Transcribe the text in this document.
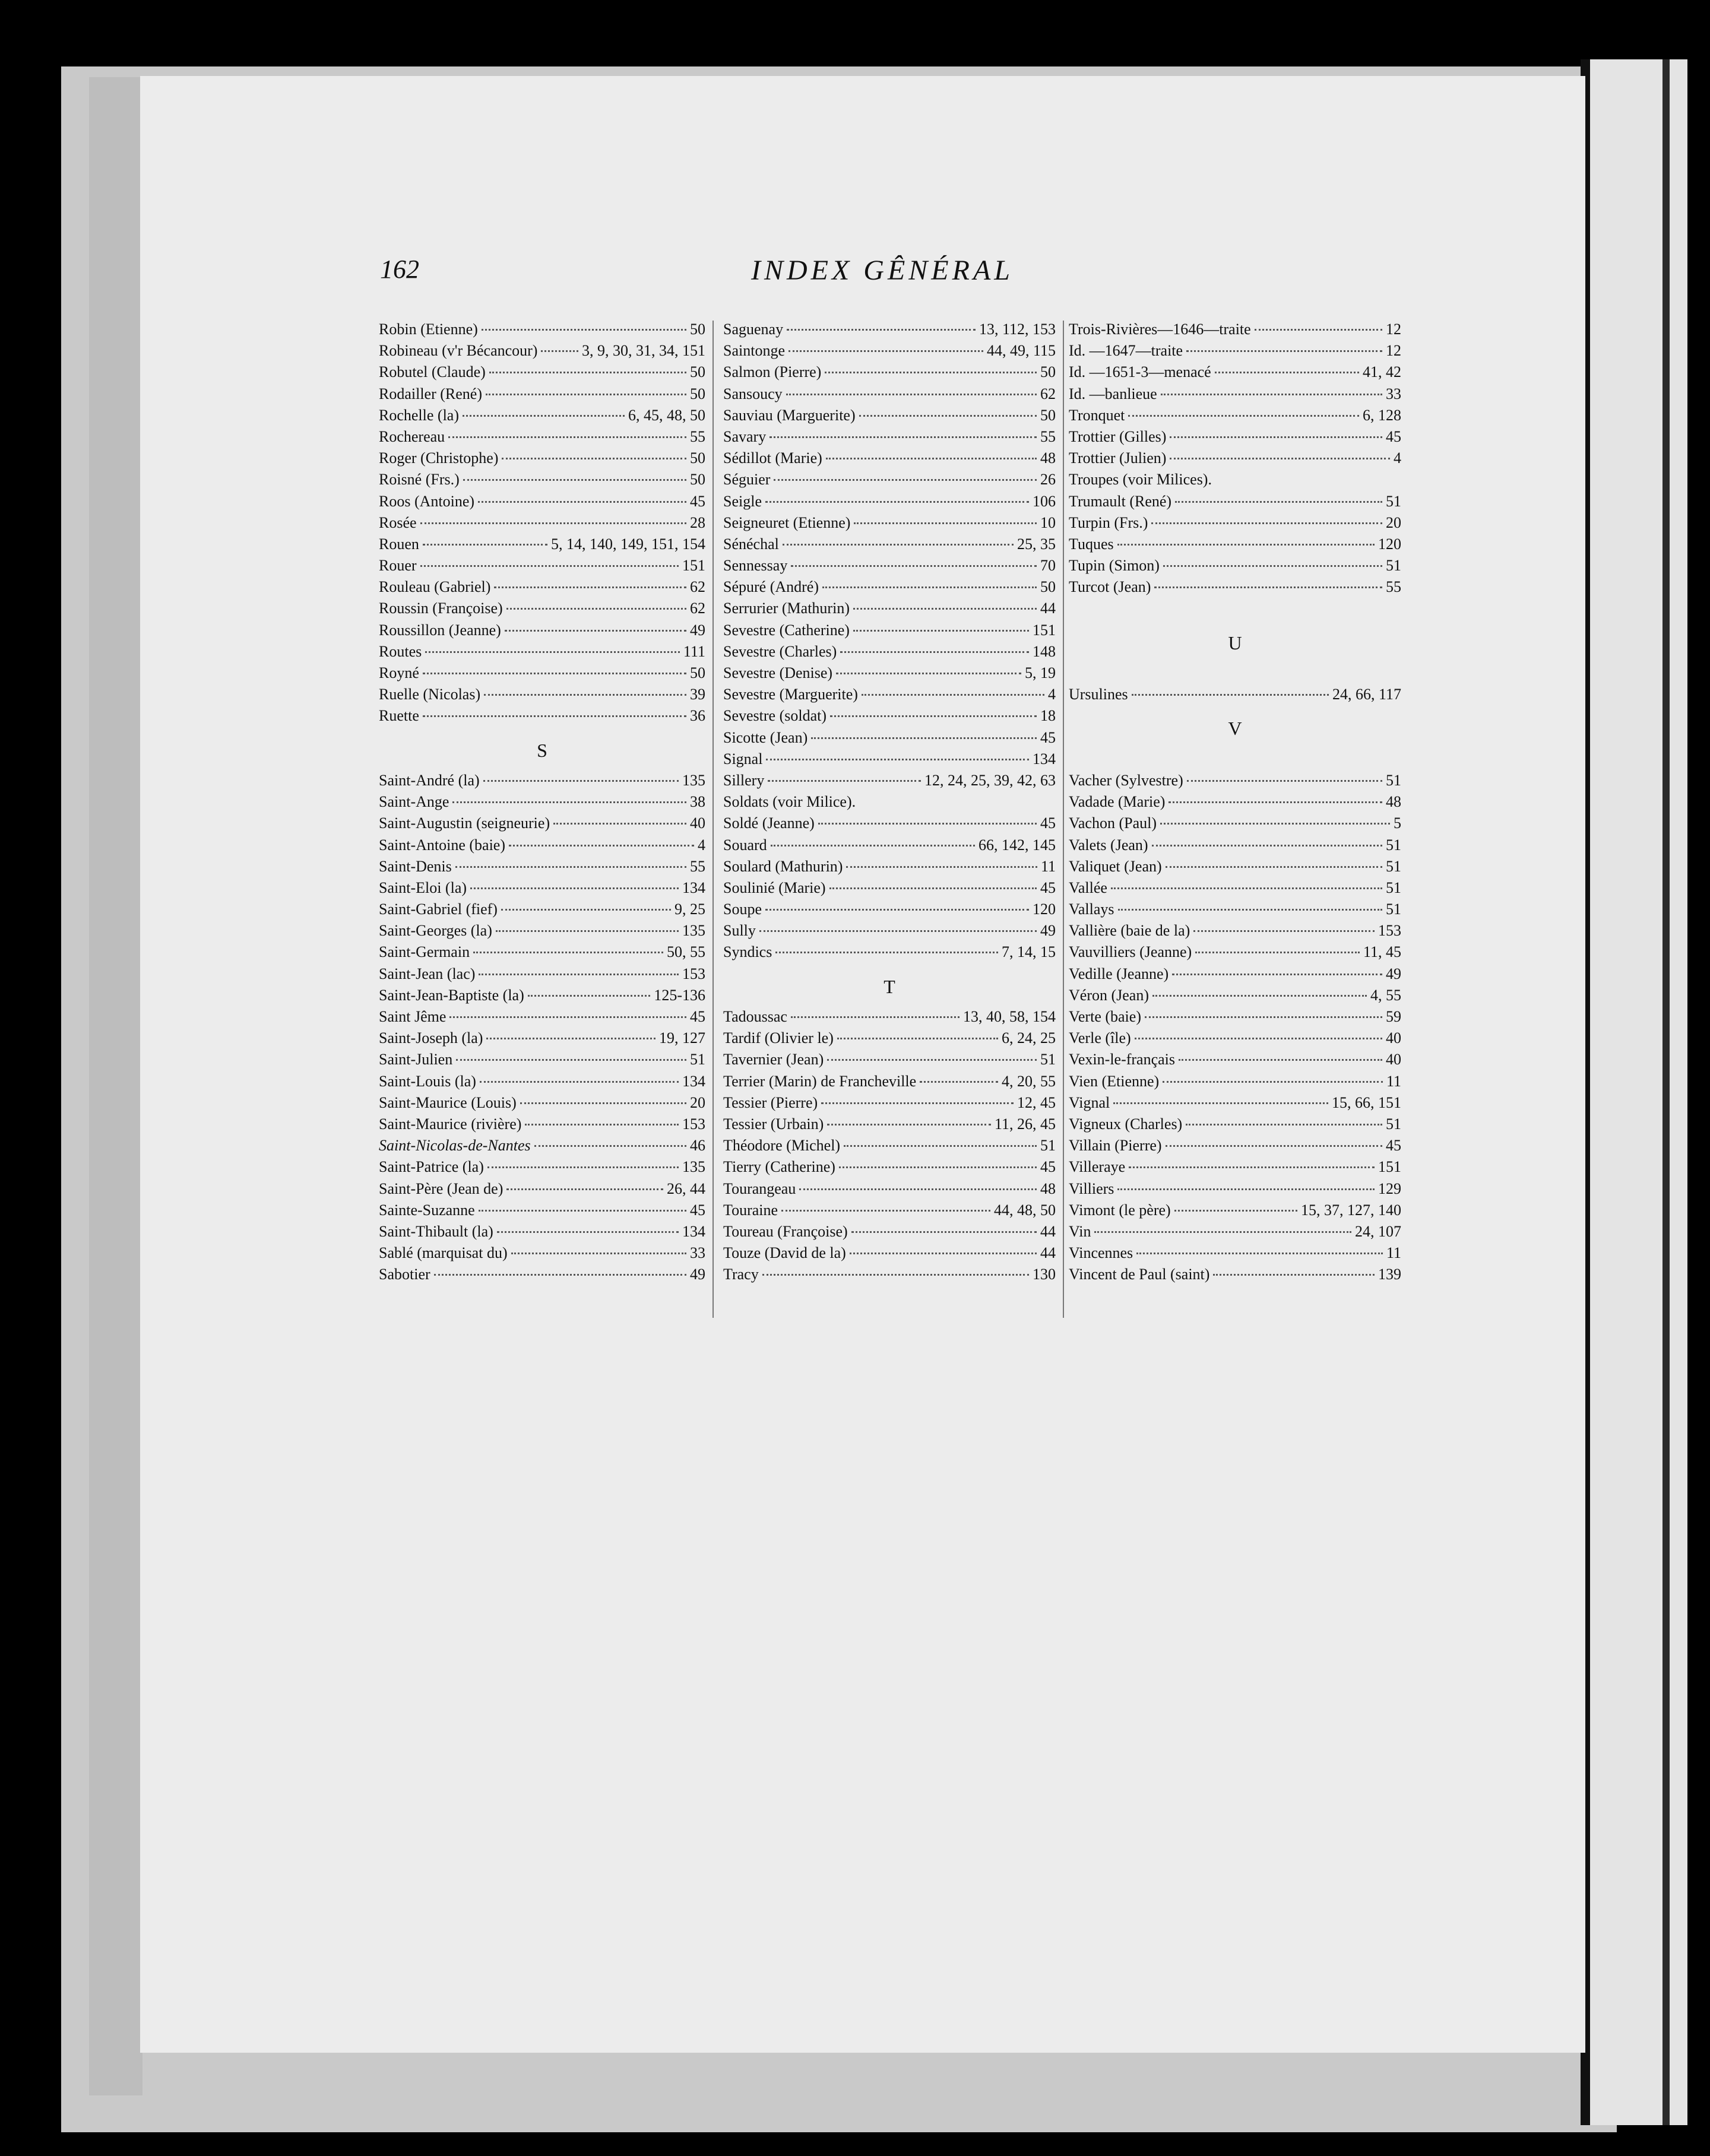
162	INDEX GÊNÉRAL
Robin (Etienne)	50
Robineau (v'r Bécancour)	3, 9, 30, 31, 34, 151
Robutel (Claude)	50
Rodailler (René)	50
Rochelle (la)	6, 45, 48, 50
Rochereau	55
Roger (Christophe)	50
Roisné (Frs.)	50
Roos (Antoine)	45
Rosée	28
Rouen	5, 14, 140, 149, 151, 154
Rouer	151
Rouleau (Gabriel)	62
Roussin (Françoise)	62
Roussillon (Jeanne)	49
Routes	111
Royné	50
Ruelle (Nicolas)	39
Ruette	36
S
Saint-André (la)	135
Saint-Ange	38
Saint-Augustin (seigneurie)	40
Saint-Antoine (baie)	4
Saint-Denis	55
Saint-Eloi (la)	134
Saint-Gabriel (fief)	9, 25
Saint-Georges (la)	135
Saint-Germain	50, 55
Saint-Jean (lac)	153
Saint-Jean-Baptiste (la)	125-136
Saint Jême	45
Saint-Joseph (la)	19, 127
Saint-Julien	51
Saint-Louis (la)	134
Saint-Maurice (Louis)	20
Saint-Maurice (rivière)	153
Saint-Nicolas-de-Nantes	46
Saint-Patrice (la)	135
Saint-Père (Jean de)	26, 44
Sainte-Suzanne	45
Saint-Thibault (la)	134
Sablé (marquisat du)	33
Sabotier	49
Saguenay	13, 112, 153
Saintonge	44, 49, 115
Salmon (Pierre)	50
Sansoucy	62
Sauviau (Marguerite)	50
Savary	55
Sédillot (Marie)	48
Séguier	26
Seigle	106
Seigneuret (Etienne)	10
Sénéchal	25, 35
Sennessay	70
Sépuré (André)	50
Serrurier (Mathurin)	44
Sevestre (Catherine)	151
Sevestre (Charles)	148
Sevestre (Denise)	5, 19
Sevestre (Marguerite)	4
Sevestre (soldat)	18
Sicotte (Jean)	45
Signal	134
Sillery	12, 24, 25, 39, 42, 63
Soldats (voir Milice).
Soldé (Jeanne)	45
Souard	66, 142, 145
Soulard (Mathurin)	11
Soulinié (Marie)	45
Soupe	120
Sully	49
Syndics	7, 14, 15
T
Tadoussac	13, 40, 58, 154
Tardif (Olivier le)	6, 24, 25
Tavernier (Jean)	51
Terrier (Marin) de Francheville	4, 20, 55
Tessier (Pierre)	12, 45
Tessier (Urbain)	11, 26, 45
Théodore (Michel)	51
Tierry (Catherine)	45
Tourangeau	48
Touraine	44, 48, 50
Toureau (Françoise)	44
Touze (David de la)	44
Tracy	130
Trois-Rivières—1646—traite	12
Id. —1647—traite	12
Id. —1651-3—menacé	41, 42
Id. —banlieue	33
Tronquet	6, 128
Trottier (Gilles)	45
Trottier (Julien)	4
Troupes (voir Milices).
Trumault (René)	51
Turpin (Frs.)	20
Tuques	120
Tupin (Simon)	51
Turcot (Jean)	55
U
Ursulines	24, 66, 117
V
Vacher (Sylvestre)	51
Vadade (Marie)	48
Vachon (Paul)	5
Valets (Jean)	51
Valiquet (Jean)	51
Vallée	51
Vallays	51
Vallière (baie de la)	153
Vauvilliers (Jeanne)	11, 45
Vedille (Jeanne)	49
Véron (Jean)	4, 55
Verte (baie)	59
Verle (île)	40
Vexin-le-français	40
Vien (Etienne)	11
Vignal	15, 66, 151
Vigneux (Charles)	51
Villain (Pierre)	45
Villeraye	151
Villiers	129
Vimont (le père)	15, 37, 127, 140
Vin	24, 107
Vincennes	11
Vincent de Paul (saint)	139
